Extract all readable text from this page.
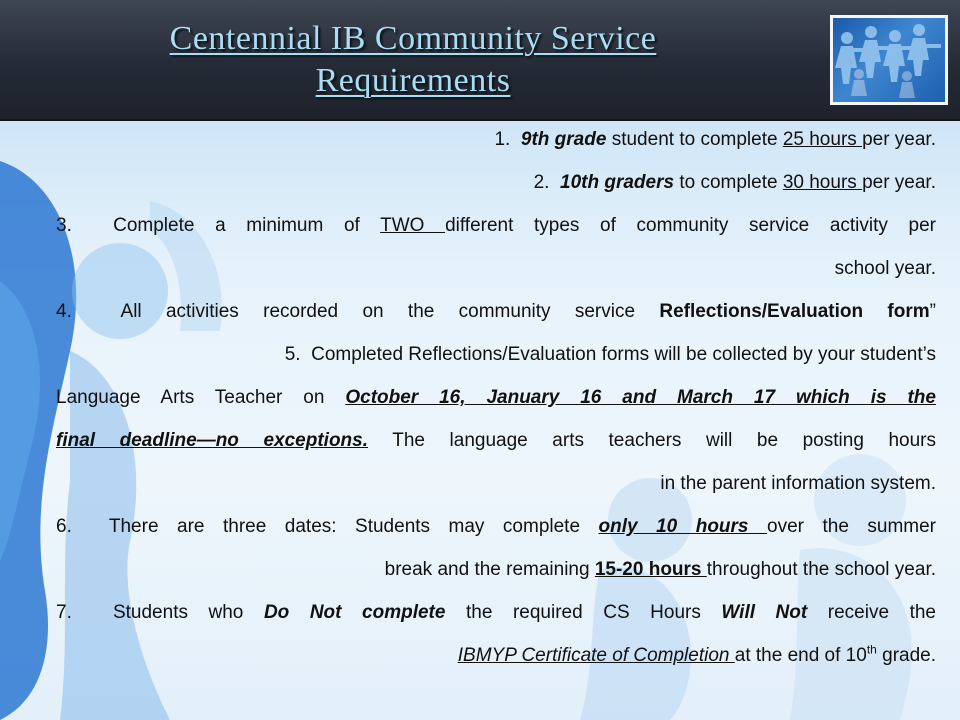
Centennial IB Community Service
Requirements
1. 9th grade student to complete 25 hours per year.
2. 10th graders to complete 30 hours per year.
3. Complete a minimum of TWO different types of community service activity per
school year.
4.	All activities recorded on the community service Reflections/Evaluation form”
5. Completed Reflections/Evaluation forms will be collected by your student’s
Language Arts Teacher on October 16, January 16 and March 17 which is the
final deadline—no exceptions. The language arts teachers will be posting hours
in the parent information system.
6. There are three dates: Students may complete only 10 hours over the summer
break and the remaining 15-20 hours throughout the school year.
7. Students who Do Not complete the required CS Hours Will Not receive the
IBMYP Certificate of Completion at the end of 10th grade.
